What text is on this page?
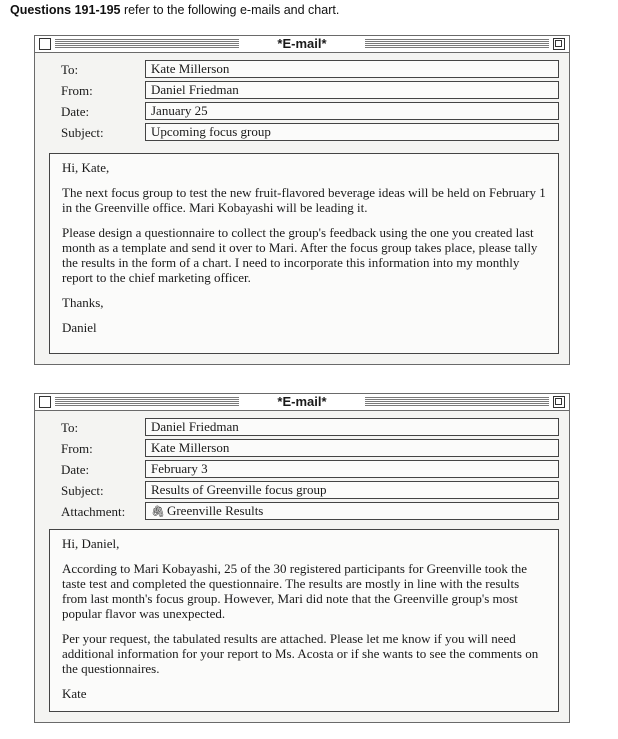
Questions 191-195 refer to the following e-mails and chart.
*E-mail*
To:	Kate Millerson
From:	Daniel Friedman
Date:	January 25
Subject:	Upcoming focus group

Hi, Kate,

The next focus group to test the new fruit-flavored beverage ideas will be held on February 1 in the Greenville office. Mari Kobayashi will be leading it.

Please design a questionnaire to collect the group's feedback using the one you created last month as a template and send it over to Mari. After the focus group takes place, please tally the results in the form of a chart. I need to incorporate this information into my monthly report to the chief marketing officer.

Thanks,

Daniel

*E-mail*
To:	Daniel Friedman
From:	Kate Millerson
Date:	February 3
Subject:	Results of Greenville focus group
Attachment:	🖇 Greenville Results

Hi, Daniel,

According to Mari Kobayashi, 25 of the 30 registered participants for Greenville took the taste test and completed the questionnaire. The results are mostly in line with the results from last month's focus group. However, Mari did note that the Greenville group's most popular flavor was unexpected.

Per your request, the tabulated results are attached. Please let me know if you will need additional information for your report to Ms. Acosta or if she wants to see the comments on the questionnaires.

Kate
